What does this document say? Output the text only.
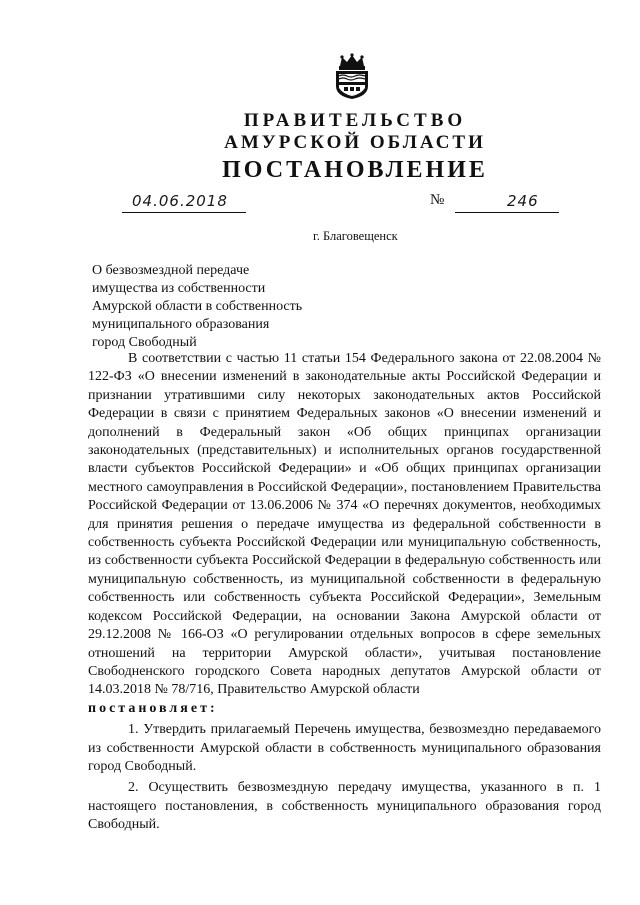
ПРАВИТЕЛЬСТВО
АМУРСКОЙ ОБЛАСТИ
ПОСТАНОВЛЕНИЕ
04.06.2018	№	246
г. Благовещенск
О безвозмездной передаче
имущества из собственности
Амурской области в собственность
муниципального образования
город Свободный

В соответствии с частью 11 статьи 154 Федерального закона от 22.08.2004 № 122-ФЗ «О внесении изменений в законодательные акты Российской Федерации и признании утратившими силу некоторых законодательных актов Российской Федерации в связи с принятием Федеральных законов «О внесении изменений и дополнений в Федеральный закон «Об общих принципах организации законодательных (представительных) и исполнительных органов государственной власти субъектов Российской Федерации» и «Об общих принципах организации местного самоуправления в Российской Федерации», постановлением Правительства Российской Федерации от 13.06.2006 № 374 «О перечнях документов, необходимых для принятия решения о передаче имущества из федеральной собственности в собственность субъекта Российской Федерации или муниципальную собственность, из собственности субъекта Российской Федерации в федеральную собственность или муниципальную собственность, из муниципальной собственности в федеральную собственность или собственность субъекта Российской Федерации», Земельным кодексом Российской Федерации, на основании Закона Амурской области от 29.12.2008 № 166-ОЗ «О регулировании отдельных вопросов в сфере земельных отношений на территории Амурской области», учитывая постановление Свободненского городского Совета народных депутатов Амурской области от 14.03.2018 № 78/716, Правительство Амурской области

постановляет:

1. Утвердить прилагаемый Перечень имущества, безвозмездно передаваемого из собственности Амурской области в собственность муниципального образования город Свободный.

2. Осуществить безвозмездную передачу имущества, указанного в п. 1 настоящего постановления, в собственность муниципального образования город Свободный.
